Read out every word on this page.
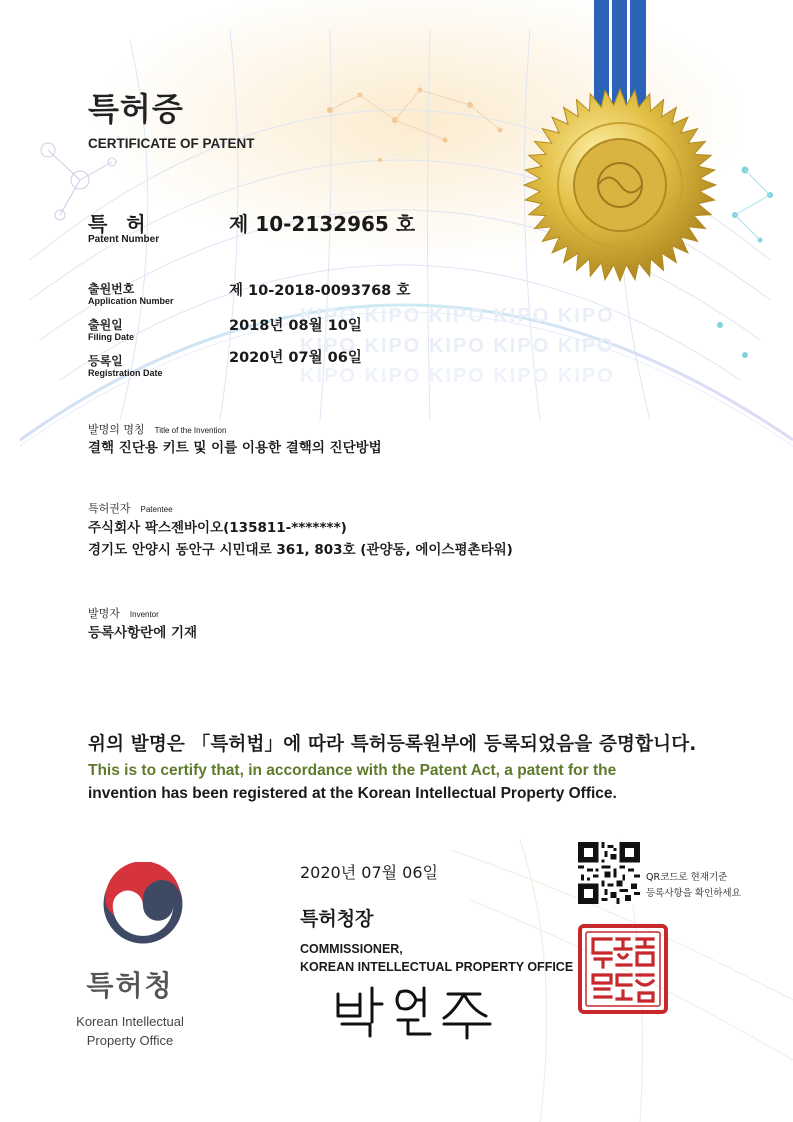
KIPO KIPO KIPO KIPO KIPO
KIPO KIPO KIPO KIPO KIPO
KIPO KIPO KIPO KIPO KIPO
특허증
CERTIFICATE OF PATENT
특 허
Patent Number
제 10-2132965 호
출원번호
Application Number
제 10-2018-0093768 호
출원일
Filing Date
2018년 08월 10일
등록일
Registration Date
2020년 07월 06일
발명의 명칭 Title of the Invention
결핵 진단용 키트 및 이를 이용한 결핵의 진단방법
특허권자 Patentee
주식회사 팍스젠바이오(135811-*******)
경기도 안양시 동안구 시민대로 361, 803호 (관양동, 에이스평촌타워)
발명자 Inventor
등록사항란에 기재
위의 발명은 「특허법」에 따라 특허등록원부에 등록되었음을 증명합니다.
This is to certify that, in accordance with the Patent Act, a patent for the
invention has been registered at the Korean Intellectual Property Office.
2020년 07월 06일
특허청장
COMMISSIONER,
KOREAN INTELLECTUAL PROPERTY OFFICE
QR코드로 현재기준
등록사항을 확인하세요
특허청
Korean Intellectual
Property Office
